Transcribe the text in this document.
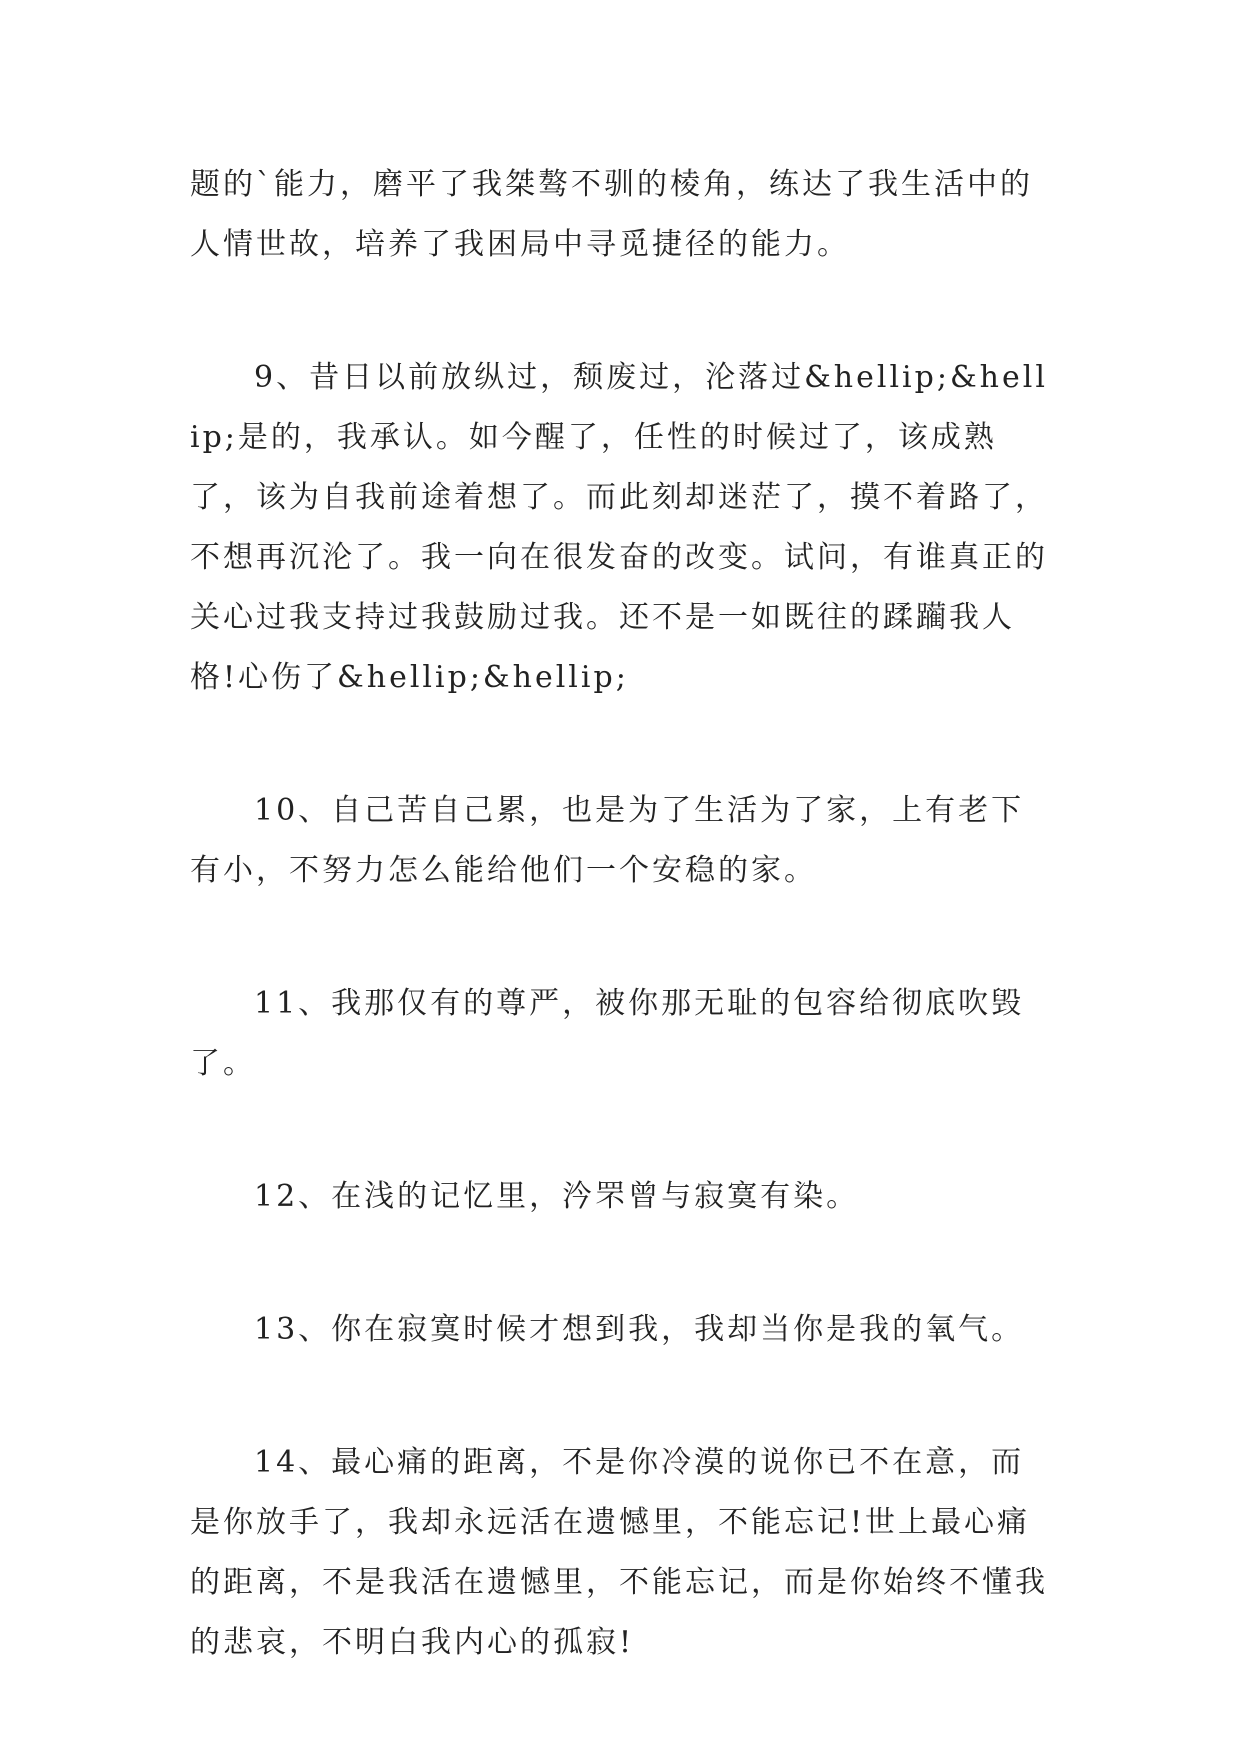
题的`能力，磨平了我桀骜不驯的棱角，练达了我生活中的人情世故，培养了我困局中寻觅捷径的能力。

9、昔日以前放纵过，颓废过，沦落过&hellip;&hellip;是的，我承认。如今醒了，任性的时候过了，该成熟了，该为自我前途着想了。而此刻却迷茫了，摸不着路了，不想再沉沦了。我一向在很发奋的改变。试问，有谁真正的关心过我支持过我鼓励过我。还不是一如既往的蹂躏我人格!心伤了&hellip;&hellip;

10、自己苦自己累，也是为了生活为了家，上有老下有小，不努力怎么能给他们一个安稳的家。

11、我那仅有的尊严，被你那无耻的包容给彻底吹毁了。

12、在浅的记忆里，汵罘曾与寂寞有染。

13、你在寂寞时候才想到我，我却当你是我的氧气。

14、最心痛的距离，不是你冷漠的说你已不在意，而是你放手了，我却永远活在遗憾里，不能忘记!世上最心痛的距离，不是我活在遗憾里，不能忘记，而是你始终不懂我的悲哀，不明白我内心的孤寂!
